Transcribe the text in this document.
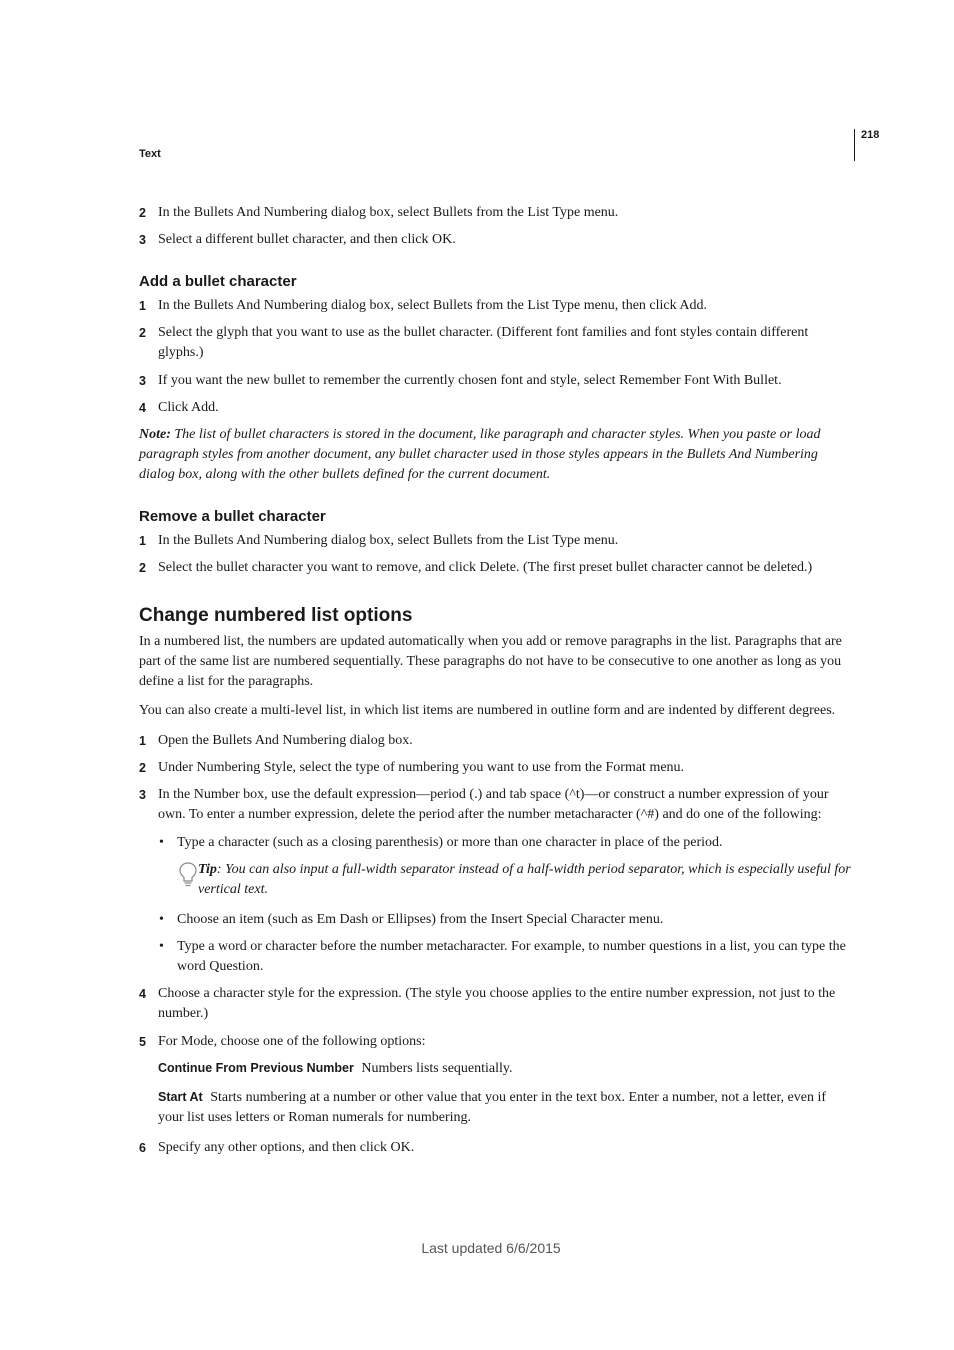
218
Text
2 In the Bullets And Numbering dialog box, select Bullets from the List Type menu.
3 Select a different bullet character, and then click OK.
Add a bullet character
1 In the Bullets And Numbering dialog box, select Bullets from the List Type menu, then click Add.
2 Select the glyph that you want to use as the bullet character. (Different font families and font styles contain different glyphs.)
3 If you want the new bullet to remember the currently chosen font and style, select Remember Font With Bullet.
4 Click Add.
Note: The list of bullet characters is stored in the document, like paragraph and character styles. When you paste or load paragraph styles from another document, any bullet character used in those styles appears in the Bullets And Numbering dialog box, along with the other bullets defined for the current document.
Remove a bullet character
1 In the Bullets And Numbering dialog box, select Bullets from the List Type menu.
2 Select the bullet character you want to remove, and click Delete. (The first preset bullet character cannot be deleted.)
Change numbered list options
In a numbered list, the numbers are updated automatically when you add or remove paragraphs in the list. Paragraphs that are part of the same list are numbered sequentially. These paragraphs do not have to be consecutive to one another as long as you define a list for the paragraphs.
You can also create a multi-level list, in which list items are numbered in outline form and are indented by different degrees.
1 Open the Bullets And Numbering dialog box.
2 Under Numbering Style, select the type of numbering you want to use from the Format menu.
3 In the Number box, use the default expression—period (.) and tab space (^t)—or construct a number expression of your own. To enter a number expression, delete the period after the number metacharacter (^#) and do one of the following:
• Type a character (such as a closing parenthesis) or more than one character in place of the period.
Tip: You can also input a full-width separator instead of a half-width period separator, which is especially useful for vertical text.
• Choose an item (such as Em Dash or Ellipses) from the Insert Special Character menu.
• Type a word or character before the number metacharacter. For example, to number questions in a list, you can type the word Question.
4 Choose a character style for the expression. (The style you choose applies to the entire number expression, not just to the number.)
5 For Mode, choose one of the following options:
Continue From Previous Number Numbers lists sequentially.
Start At Starts numbering at a number or other value that you enter in the text box. Enter a number, not a letter, even if your list uses letters or Roman numerals for numbering.
6 Specify any other options, and then click OK.
Last updated 6/6/2015
